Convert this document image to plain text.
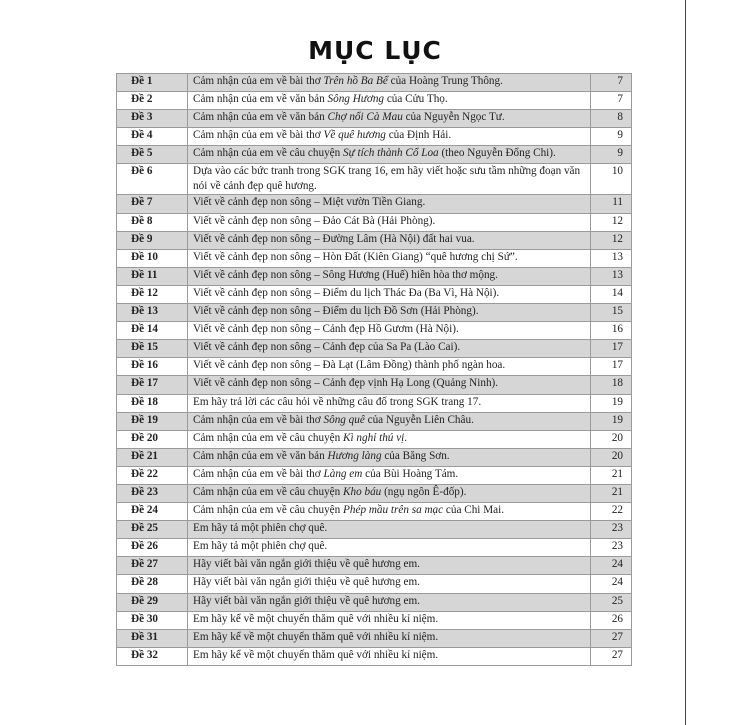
MỤC LỤC
Đề 1	Cảm nhận của em về bài thơ Trên hồ Ba Bể của Hoàng Trung Thông.	7
Đề 2	Cảm nhận của em về văn bản Sông Hương của Cửu Thọ.	7
Đề 3	Cảm nhận của em về văn bản Chợ nổi Cà Mau của Nguyễn Ngọc Tư.	8
Đề 4	Cảm nhận của em về bài thơ Về quê hương của Định Hải.	9
Đề 5	Cảm nhận của em về câu chuyện Sự tích thành Cổ Loa (theo Nguyễn Đổng Chi).	9
Đề 6	Dựa vào các bức tranh trong SGK trang 16, em hãy viết hoặc sưu tầm những đoạn văn nói về cảnh đẹp quê hương.	10
Đề 7	Viết về cảnh đẹp non sông – Miệt vườn Tiền Giang.	11
Đề 8	Viết về cảnh đẹp non sông – Đảo Cát Bà (Hải Phòng).	12
Đề 9	Viết về cảnh đẹp non sông – Đường Lâm (Hà Nội) đất hai vua.	12
Đề 10	Viết về cảnh đẹp non sông – Hòn Đất (Kiên Giang) “quê hương chị Sứ”.	13
Đề 11	Viết về cảnh đẹp non sông – Sông Hương (Huế) hiền hòa thơ mộng.	13
Đề 12	Viết về cảnh đẹp non sông – Điểm du lịch Thác Đa (Ba Vì, Hà Nội).	14
Đề 13	Viết về cảnh đẹp non sông – Điểm du lịch Đồ Sơn (Hải Phòng).	15
Đề 14	Viết về cảnh đẹp non sông – Cảnh đẹp Hồ Gươm (Hà Nội).	16
Đề 15	Viết về cảnh đẹp non sông – Cảnh đẹp của Sa Pa (Lào Cai).	17
Đề 16	Viết về cảnh đẹp non sông – Đà Lạt (Lâm Đồng) thành phố ngàn hoa.	17
Đề 17	Viết về cảnh đẹp non sông – Cảnh đẹp vịnh Hạ Long (Quảng Ninh).	18
Đề 18	Em hãy trả lời các câu hỏi về những câu đố trong SGK trang 17.	19
Đề 19	Cảm nhận của em về bài thơ Sông quê của Nguyễn Liên Châu.	19
Đề 20	Cảm nhận của em về câu chuyện Kì nghỉ thú vị.	20
Đề 21	Cảm nhận của em về văn bản Hương làng của Băng Sơn.	20
Đề 22	Cảm nhận của em về bài thơ Làng em của Bùi Hoàng Tám.	21
Đề 23	Cảm nhận của em về câu chuyện Kho báu (ngụ ngôn Ê-đốp).	21
Đề 24	Cảm nhận của em về câu chuyện Phép mầu trên sa mạc của Chi Mai.	22
Đề 25	Em hãy tả một phiên chợ quê.	23
Đề 26	Em hãy tả một phiên chợ quê.	23
Đề 27	Hãy viết bài văn ngắn giới thiệu về quê hương em.	24
Đề 28	Hãy viết bài văn ngắn giới thiệu về quê hương em.	24
Đề 29	Hãy viết bài văn ngắn giới thiệu về quê hương em.	25
Đề 30	Em hãy kể về một chuyến thăm quê với nhiều kỉ niệm.	26
Đề 31	Em hãy kể về một chuyến thăm quê với nhiều kỉ niệm.	27
Đề 32	Em hãy kể về một chuyến thăm quê với nhiều kỉ niệm.	27
